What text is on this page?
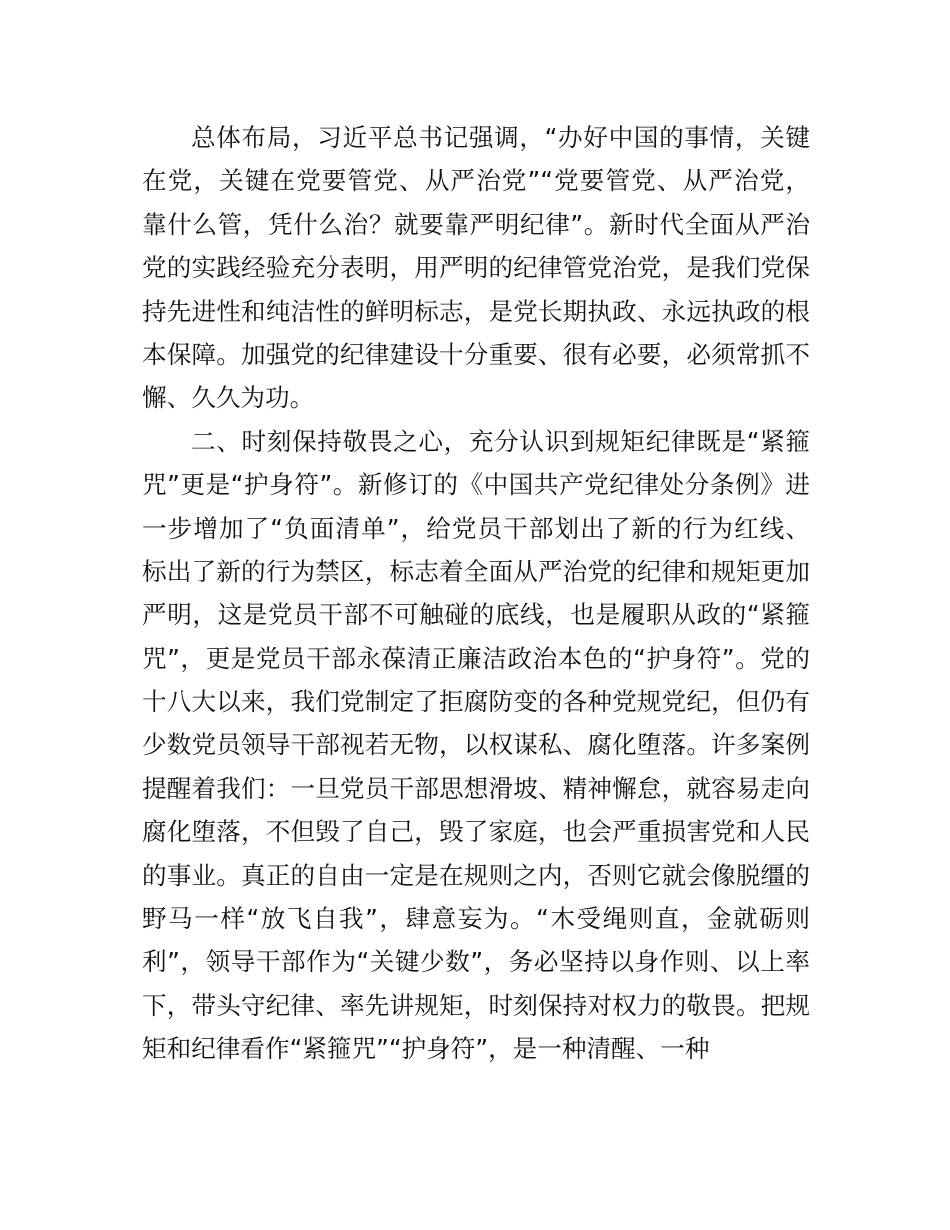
总体布局，习近平总书记强调，“办好中国的事情，关键
在党，关键在党要管党、从严治党”“党要管党、从严治党，
靠什么管，凭什么治？就要靠严明纪律”。新时代全面从严治
党的实践经验充分表明，用严明的纪律管党治党，是我们党保
持先进性和纯洁性的鲜明标志，是党长期执政、永远执政的根
本保障。加强党的纪律建设十分重要、很有必要，必须常抓不
懈、久久为功。

二、时刻保持敬畏之心，充分认识到规矩纪律既是“紧箍
咒”更是“护身符”。新修订的《中国共产党纪律处分条例》进
一步增加了“负面清单”，给党员干部划出了新的行为红线、
标出了新的行为禁区，标志着全面从严治党的纪律和规矩更加
严明，这是党员干部不可触碰的底线，也是履职从政的“紧箍
咒”，更是党员干部永葆清正廉洁政治本色的“护身符”。党的
十八大以来，我们党制定了拒腐防变的各种党规党纪，但仍有
少数党员领导干部视若无物，以权谋私、腐化堕落。许多案例
提醒着我们：一旦党员干部思想滑坡、精神懈怠，就容易走向
腐化堕落，不但毁了自己，毁了家庭，也会严重损害党和人民
的事业。真正的自由一定是在规则之内，否则它就会像脱缰的
野马一样“放飞自我”，肆意妄为。“木受绳则直，金就砺则
利”，领导干部作为“关键少数”，务必坚持以身作则、以上率
下，带头守纪律、率先讲规矩，时刻保持对权力的敬畏。把规
矩和纪律看作“紧箍咒”“护身符”，是一种清醒、一种
